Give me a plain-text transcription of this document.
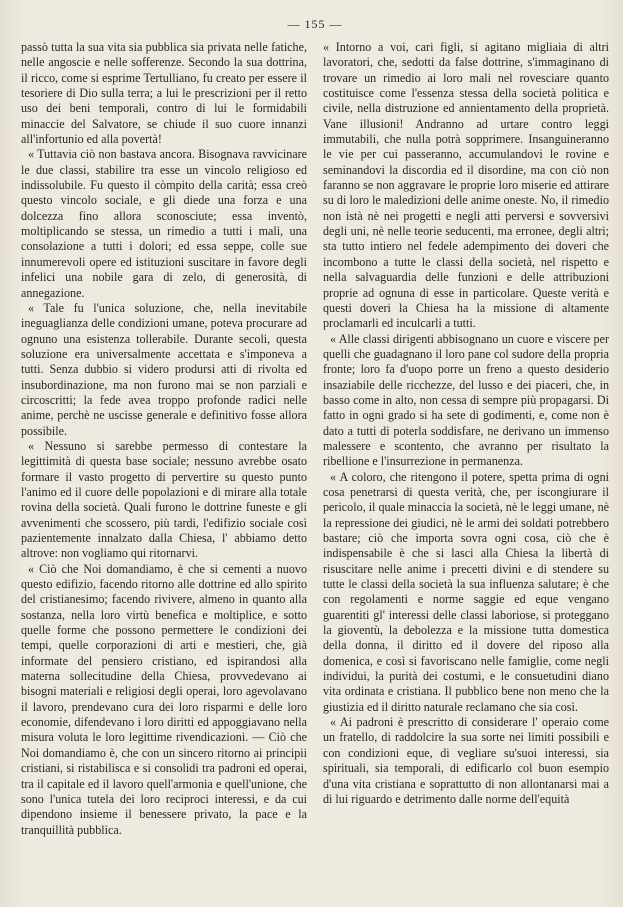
— 155 —

passò tutta la sua vita sia pubblica sia privata nelle fatiche, nelle angoscie e nelle sofferenze. Secondo la sua dottrina, il ricco, come si esprime Tertulliano, fu creato per essere il tesoriere di Dio sulla terra; a lui le prescrizioni per il retto uso dei beni temporali, contro di lui le formidabili minaccie del Salvatore, se chiude il suo cuore innanzi all'infortunio ed alla povertà!

« Tuttavia ciò non bastava ancora. Bisognava ravvicinare le due classi, stabilire tra esse un vincolo religioso ed indissolubile. Fu questo il còmpito della carità; essa creò questo vincolo sociale, e gli diede una forza e una dolcezza fino allora sconosciute; essa inventò, moltiplicando se stessa, un rimedio a tutti i mali, una consolazione a tutti i dolori; ed essa seppe, colle sue innumerevoli opere ed istituzioni suscitare in favore degli infelici una nobile gara di zelo, di generosità, di annegazione.

« Tale fu l'unica soluzione, che, nella inevitabile ineguaglianza delle condizioni umane, poteva procurare ad ognuno una esistenza tollerabile. Durante secoli, questa soluzione era universalmente accettata e s'imponeva a tutti. Senza dubbio si videro prodursi atti di rivolta ed insubordinazione, ma non furono mai se non parziali e circoscritti; la fede avea troppo profonde radici nelle anime, perchè ne uscisse generale e definitivo fosse allora possibile.

« Nessuno si sarebbe permesso di contestare la legittimità di questa base sociale; nessuno avrebbe osato formare il vasto progetto di pervertire su questo punto l'animo ed il cuore delle popolazioni e di mirare alla totale rovina della società. Quali furono le dottrine funeste e gli avvenimenti che scossero, più tardi, l'edifizio sociale così pazientemente innalzato dalla Chiesa, l' abbiamo detto altrove: non vogliamo qui ritornarvi.

« Ciò che Noi domandiamo, è che si cementi a nuovo questo edifizio, facendo ritorno alle dottrine ed allo spirito del cristianesimo; facendo rivivere, almeno in quanto alla sostanza, nella loro virtù benefica e moltiplice, e sotto quelle forme che possono permettere le condizioni dei tempi, quelle corporazioni di arti e mestieri, che, già informate del pensiero cristiano, ed ispirandosi alla materna sollecitudine della Chiesa, provvedevano ai bisogni materiali e religiosi degli operai, loro agevolavano il lavoro, prendevano cura dei loro risparmi e delle loro economie, difendevano i loro diritti ed appoggiavano nella misura voluta le loro legittime rivendicazioni. — Ciò che Noi domandiamo è, che con un sincero ritorno ai principii cristiani, si ristabilisca e si consolidi tra padroni ed operai, tra il capitale ed il lavoro quell'armonia e quell'unione, che sono l'unica tutela dei loro reciproci interessi, e da cui dipendono insieme il benessere privato, la pace e la tranquillità pubblica.

« Intorno a voi, cari figli, si agitano migliaia di altri lavoratori, che, sedotti da false dottrine, s'immaginano di trovare un rimedio ai loro mali nel rovesciare quanto costituisce come l'essenza stessa della società politica e civile, nella distruzione ed annientamento della proprietà. Vane illusioni! Andranno ad urtare contro leggi immutabili, che nulla potrà sopprimere. Insanguineranno le vie per cui passeranno, accumulandovi le rovine e seminandovi la discordia ed il disordine, ma con ciò non faranno se non aggravare le proprie loro miserie ed attirare su di loro le maledizioni delle anime oneste. No, il rimedio non istà nè nei progetti e negli atti perversi e sovversivi degli uni, nè nelle teorie seducenti, ma erronee, degli altri; sta tutto intiero nel fedele adempimento dei doveri che incombono a tutte le classi della società, nel rispetto e nella salvaguardia delle funzioni e delle attribuzioni proprie ad ognuna di esse in particolare. Queste verità e questi doveri la Chiesa ha la missione di altamente proclamarli ed inculcarli a tutti.

« Alle classi dirigenti abbisognano un cuore e viscere per quelli che guadagnano il loro pane col sudore della propria fronte; loro fa d'uopo porre un freno a questo desiderio insaziabile delle ricchezze, del lusso e dei piaceri, che, in basso come in alto, non cessa di sempre più propagarsi. Di fatto in ogni grado si ha sete di godimenti, e, come non è dato a tutti di poterla soddisfare, ne derivano un immenso malessere e scontento, che avranno per risultato la ribellione e l'insurrezione in permanenza.

« A coloro, che ritengono il potere, spetta prima di ogni cosa penetrarsi di questa verità, che, per iscongiurare il pericolo, il quale minaccia la società, nè le leggi umane, nè la repressione dei giudici, nè le armi dei soldati potrebbero bastare; ciò che importa sovra ogni cosa, ciò che è indispensabile è che si lasci alla Chiesa la libertà di risuscitare nelle anime i precetti divini e di stendere su tutte le classi della società la sua influenza salutare; è che con regolamenti e norme saggie ed eque vengano guarentiti gl' interessi delle classi laboriose, si proteggano la gioventù, la debolezza e la missione tutta domestica della donna, il diritto ed il dovere del riposo alla domenica, e così si favoriscano nelle famiglie, come negli individui, la purità dei costumi, e le consuetudini diano vita ordinata e cristiana. Il pubblico bene non meno che la giustizia ed il diritto naturale reclamano che sia così.

« Ai padroni è prescritto di considerare l' operaio come un fratello, di raddolcire la sua sorte nei limiti possibili e con condizioni eque, di vegliare su'suoi interessi, sia spirituali, sia temporali, di edificarlo col buon esempio d'una vita cristiana e soprattutto di non allontanarsi mai a di lui riguardo e detrimento dalle norme dell'equità
